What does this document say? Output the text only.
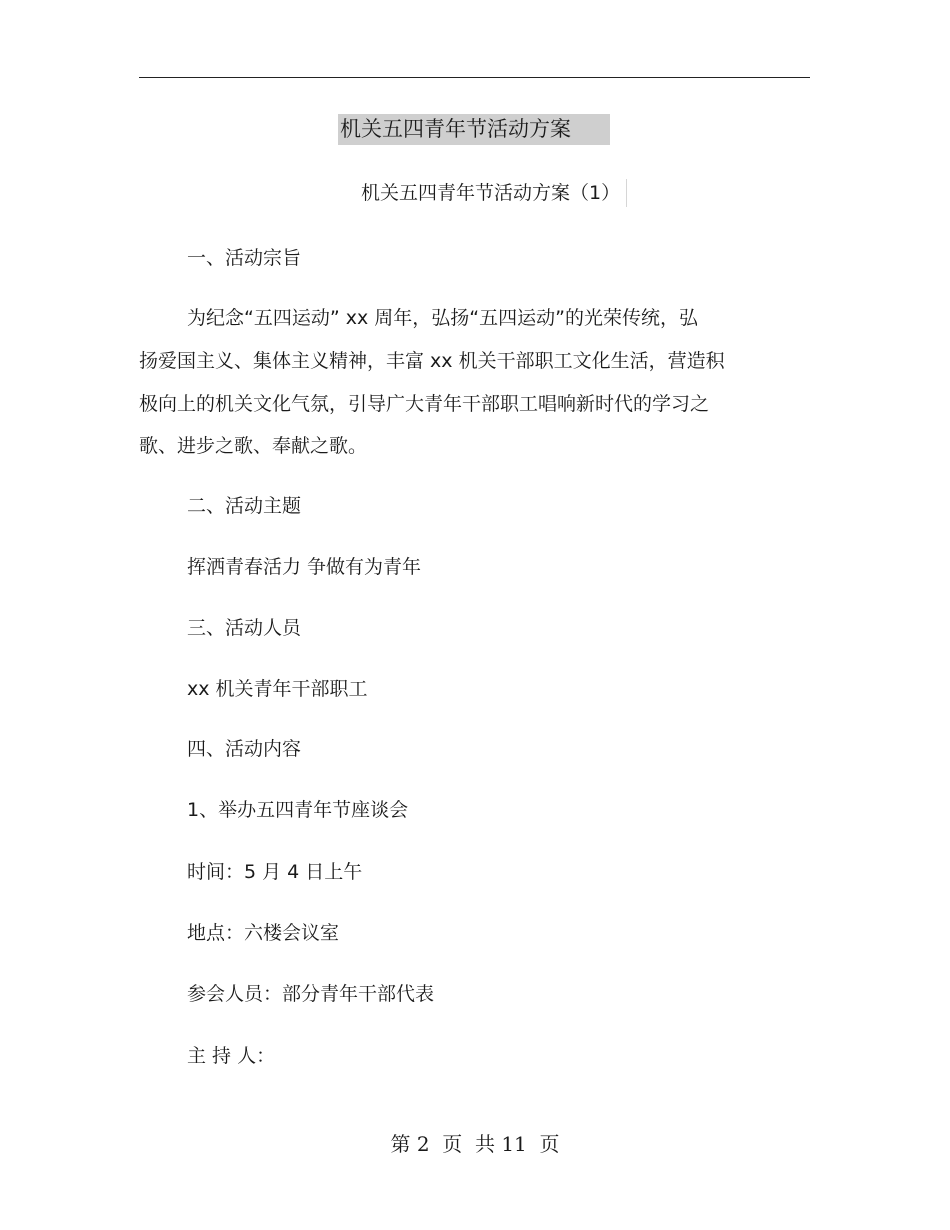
机关五四青年节活动方案
机关五四青年节活动方案（1）
一、活动宗旨
为纪念“五四运动” xx 周年，弘扬“五四运动”的光荣传统，弘
扬爱国主义、集体主义精神，丰富 xx 机关干部职工文化生活，营造积
极向上的机关文化气氛，引导广大青年干部职工唱响新时代的学习之
歌、进步之歌、奉献之歌。
二、活动主题
挥洒青春活力 争做有为青年
三、活动人员
xx 机关青年干部职工
四、活动内容
1、举办五四青年节座谈会
时间：5 月 4 日上午
地点：六楼会议室
参会人员：部分青年干部代表
主 持 人：
第 2  页  共 11  页
